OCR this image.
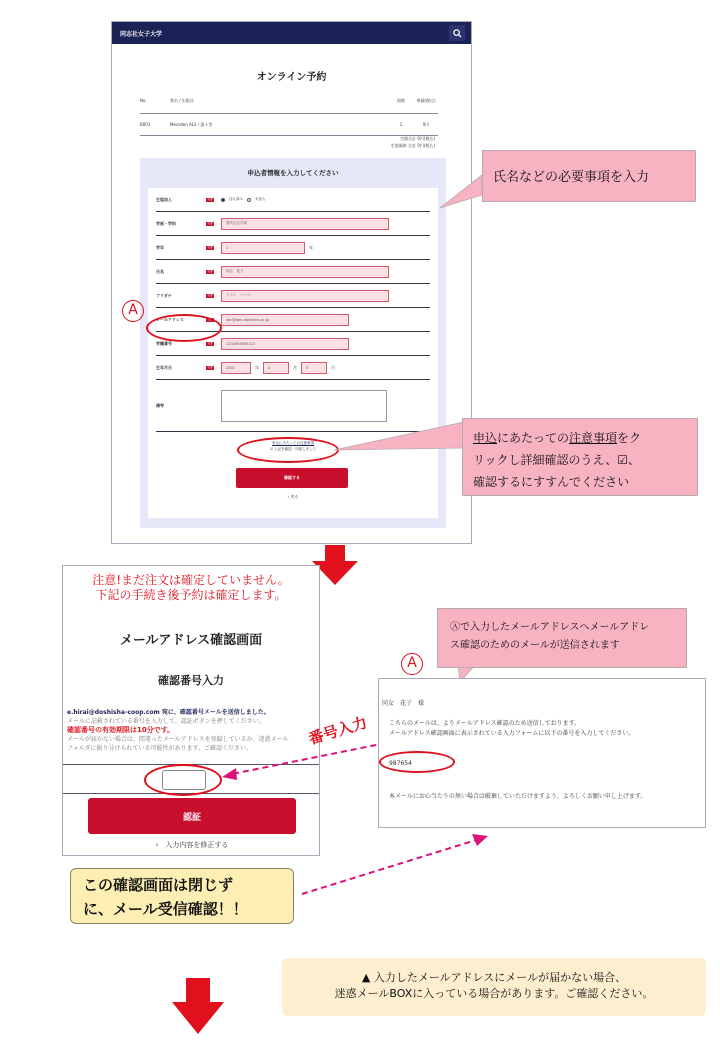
同志社女子大学
オンライン予約
No.	書名 / 出版社	冊数	単価(税込)
B001	Mecollen AL2 / 誰々堂	1	0円
定価合計 0円(税込)
生協価格 合計 0円(税込)
申込者情報を入力してください
生協加入	必須	加入済み	未加入
学部・学科	必須	現代社会学部
学年	必須	1	年
氏名	必須	同志　花子
フリガナ	必須	ドウシ　ハナコ
メールアドレス	必須	abc@dwc.doshisha.ac.jp
学籍番号	必須	1234567890123
生年月日	必須	2001	年	4	月	5	日
備考
申込にあたっての注意事項
☑ 上記を確認・同意しました
確認する
‹ 戻る
A
氏名などの必要事項を入力
申込にあたっての注意事項をク
リックし詳細確認のうえ、☑、
確認するにすすんでください
注意!まだ注文は確定していません。
下記の手続き後予約は確定します。
メールアドレス確認画面
確認番号入力
e.hirai@doshisha-coop.com 宛に、確認番号メールを送信しました。
メールに記載されている番号を入力して、認証ボタンを押してください。
確認番号の有効期限は10分です。
メールが届かない場合は、間違ったメールアドレスを登録しているか、迷惑メール
フォルダに振り分けられている可能性があります。ご確認ください。
認証
‹　入力内容を修正する
番号入力
Ⓐで入力したメールアドレスへメールアドレ
ス確認のためのメールが送信されます
A
同女　花子　 様
こちらのメールは、よりメールアドレス確認のため送信しております。
メールアドレス確認画面に表示されている入力フォームに以下の番号を入力してください。
987654
本メールにお心当たりの無い場合は破棄していただけますよう、よろしくお願い申し上げます。
この確認画面は閉じず
に、メール受信確認！！
▲ 入力したメールアドレスにメールが届かない場合、
迷惑メールBOXに入っている場合があります。ご確認ください。
